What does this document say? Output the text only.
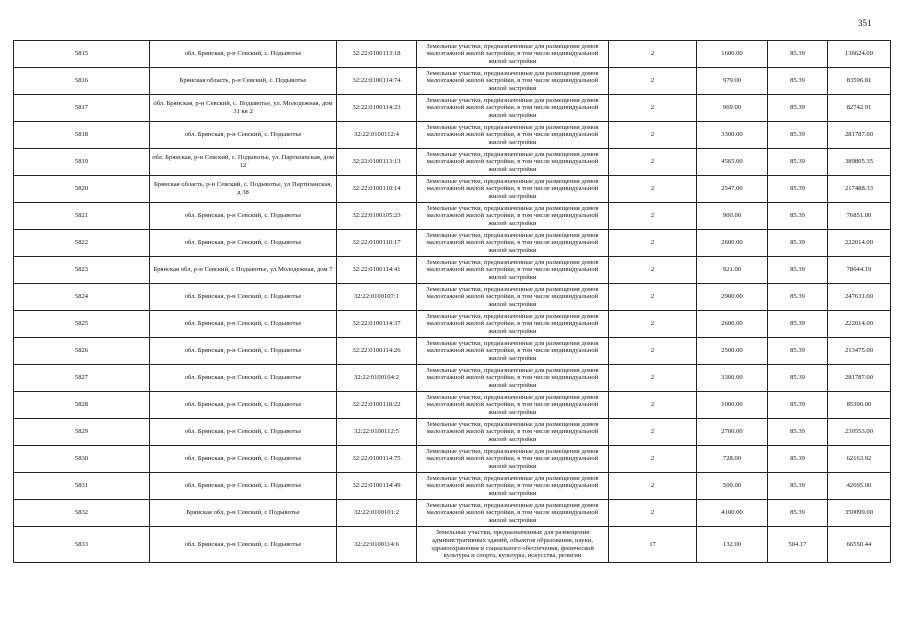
351
5815	обл. Брянская, р-н Севский, с. Подывотье	32:22:0100113:18	Земельные участки, предназначенные для размещения домов малоэтажной жилой застройки, в том числе индивидуальной жилой застройки	2	1600.00	85.39	136624.00
5816	Брянская область, р-н Севский, с. Подывотье	32:22:0100114:74	Земельные участки, предназначенные для размещения домов малоэтажной жилой застройки, в том числе индивидуальной жилой застройки	2	979.00	85.39	83596.81
5817	обл. Брянская, р-н Севский, с. Подывотье, ул. Молодежная, дом 31 кв 2	32:22:0100114:23	Земельные участки, предназначенные для размещения домов малоэтажной жилой застройки, в том числе индивидуальной жилой застройки	2	969.00	85.39	82742.91
5818	обл. Брянская, р-н Севский, с. Подывотье	32:22:0100112:4	Земельные участки, предназначенные для размещения домов малоэтажной жилой застройки, в том числе индивидуальной жилой застройки	2	3300.00	85.39	281787.00
5819	обл. Брянская, р-н Севский, с. Подывотье, ул. Партизанская, дом 12	32:22:0100113:13	Земельные участки, предназначенные для размещения домов малоэтажной жилой застройки, в том числе индивидуальной жилой застройки	2	4565.00	85.39	389805.35
5820	Брянская область, р-н Севский, с. Подывотье, ул Партизанская, д 38	32:22:0100110:14	Земельные участки, предназначенные для размещения домов малоэтажной жилой застройки, в том числе индивидуальной жилой застройки	2	2547.00	85.39	217488.33
5821	обл. Брянская, р-н Севский, с. Подывотье	32:22:0100105:23	Земельные участки, предназначенные для размещения домов малоэтажной жилой застройки, в том числе индивидуальной жилой застройки	2	900.00	85.39	76851.00
5822	обл. Брянская, р-н Севский, с. Подывотье	32:22:0100110:17	Земельные участки, предназначенные для размещения домов малоэтажной жилой застройки, в том числе индивидуальной жилой застройки	2	2600.00	85.39	222014.00
5823	Брянская обл, р-н Севский, с Подывотье, ул Молодежная, дом 7	32:22:0100114:41	Земельные участки, предназначенные для размещения домов малоэтажной жилой застройки, в том числе индивидуальной жилой застройки	2	921.00	85.39	78644.19
5824	обл. Брянская, р-н Севский, с. Подывотье	32:22:0100107:1	Земельные участки, предназначенные для размещения домов малоэтажной жилой застройки, в том числе индивидуальной жилой застройки	2	2900.00	85.39	247631.00
5825	обл. Брянская, р-н Севский, с. Подывотье	32:22:0100114:37	Земельные участки, предназначенные для размещения домов малоэтажной жилой застройки, в том числе индивидуальной жилой застройки	2	2600.00	85.39	222014.00
5826	обл. Брянская, р-н Севский, с. Подывотье	32:22:0100114:26	Земельные участки, предназначенные для размещения домов малоэтажной жилой застройки, в том числе индивидуальной жилой застройки	2	2500.00	85.39	213475.00
5827	обл. Брянская, р-н Севский, с. Подывотье	32:22:0100104:2	Земельные участки, предназначенные для размещения домов малоэтажной жилой застройки, в том числе индивидуальной жилой застройки	2	3300.00	85.39	281787.00
5828	обл. Брянская, р-н Севский, с. Подывотье	32:22:0100118:22	Земельные участки, предназначенные для размещения домов малоэтажной жилой застройки, в том числе индивидуальной жилой застройки	2	1000.00	85.39	85390.00
5829	обл. Брянская, р-н Севский, с. Подывотье	32:22:0100112:5	Земельные участки, предназначенные для размещения домов малоэтажной жилой застройки, в том числе индивидуальной жилой застройки	2	2700.00	85.39	230553.00
5830	обл. Брянская, р-н Севский, с. Подывотье	32:22:0100114:75	Земельные участки, предназначенные для размещения домов малоэтажной жилой застройки, в том числе индивидуальной жилой застройки	2	728.00	85.39	62163.92
5831	обл. Брянская, р-н Севский, с. Подывотье	32:22:0100114:49	Земельные участки, предназначенные для размещения домов малоэтажной жилой застройки, в том числе индивидуальной жилой застройки	2	500.00	85.39	42695.00
5832	Брянская обл, р-н Севский, с Подывотье	32:22:0100101:2	Земельные участки, предназначенные для размещения домов малоэтажной жилой застройки, в том числе индивидуальной жилой застройки	2	4100.00	85.39	350099.00
5833	обл. Брянская, р-н Севский, с. Подывотье	32:22:0100114:6	Земельные участки, предназначенные для размещения административных зданий, объектов образования, науки, здравоохранения и социального обеспечения, физической культуры и спорта, культуры, искусства, религии	17	132.00	504.17	66550.44
